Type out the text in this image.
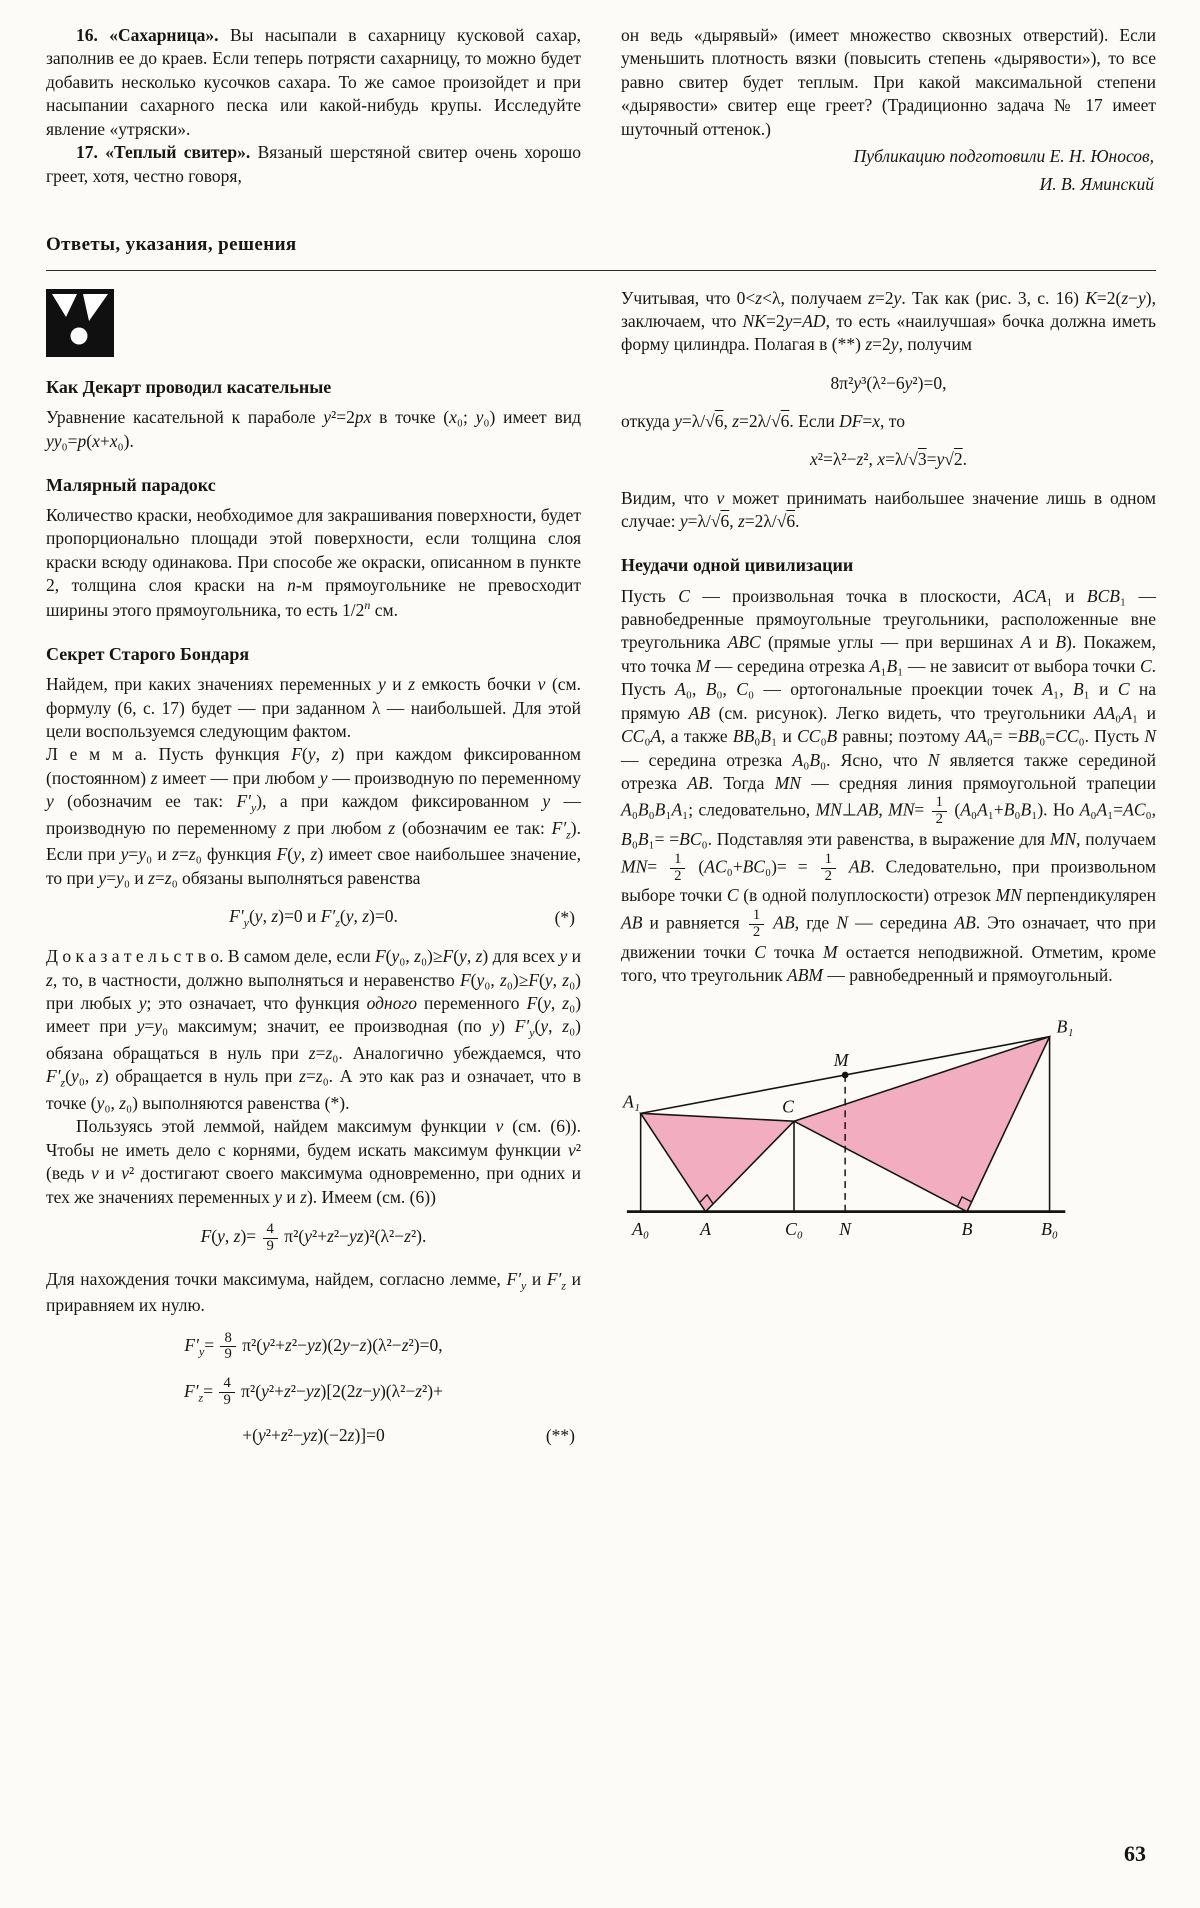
16. «Сахарница». Вы насыпали в сахарницу кусковой сахар, заполнив ее до краев. Если теперь потрясти сахарницу, то можно будет добавить несколько кусочков сахара. То же самое произойдет и при насыпании сахарного песка или какой-нибудь крупы. Исследуйте явление «утряски».

17. «Теплый свитер». Вязаный шерстяной свитер очень хорошо греет, хотя, честно говоря,

он ведь «дырявый» (имеет множество сквозных отверстий). Если уменьшить плотность вязки (повысить степень «дырявости»), то все равно свитер будет теплым. При какой максимальной степени «дырявости» свитер еще греет? (Традиционно задача № 17 имеет шуточный оттенок.)

Публикацию подготовили Е. Н. Юносов,

И. В. Яминский

Ответы, указания, решения
Как Декарт проводил касательные

Уравнение касательной к параболе y²=2px в точке (x₀; y₀) имеет вид yy₀=p(x+x₀).

Малярный парадокс

Количество краски, необходимое для закрашивания поверхности, будет пропорционально площади этой поверхности, если толщина слоя краски всюду одинакова. При способе же окраски, описанном в пункте 2, толщина слоя краски на n-м прямоугольнике не превосходит ширины этого прямоугольника, то есть 1/2$^n$ см.

Секрет Старого Бондаря

Найдем, при каких значениях переменных y и z емкость бочки v (см. формулу (6, с. 17) будет — при заданном λ — наибольшей. Для этой цели воспользуемся следующим фактом.

Л е м м а. Пусть функция F(y, z) при каждом фиксированном (постоянном) z имеет — при любом y — производную по переменному y (обозначим ее так: $F'_y$), а при каждом фиксированном y — производную по переменному z при любом z (обозначим ее так: $F'_z$). Если при y=y₀ и z=z₀ функция F(y, z) имеет свое наибольшее значение, то при y=y₀ и z=z₀ обязаны выполняться равенства

$F'_y(y$, z)=0 и $F'_z(y$, z)=0.	(*)

Д о к а з а т е л ь с т в о. В самом деле, если F(y₀, z₀)≥F(y, z) для всех y и z, то, в частности, должно выполняться и неравенство F(y₀, z₀)≥F(y, z₀) при любых y; это означает, что функция одного переменного F(y, z₀) имеет при y=y₀ максимум; значит, ее производная (по y) $F'_y(y$, z₀) обязана обращаться в нуль при z=z₀. Аналогично убеждаемся, что $F'_z(y_0$, z) обращается в нуль при z=z₀. А это как раз и означает, что в точке (y₀, z₀) выполняются равенства (*).

Пользуясь этой леммой, найдем максимум функции v (см. (6)). Чтобы не иметь дело с корнями, будем искать максимум функции v² (ведь v и v² достигают своего максимума одновременно, при одних и тех же значениях переменных y и z). Имеем (см. (6))

F(y, $z)= \frac{4}{9} \pi^2(y^2+z^2-yz)^2(\lambda^2-z^2)$.

Для нахождения точки максимума, найдем, согласно лемме, $F'_y$ и $F'_z$ и приравняем их нулю.

$F'_y= \frac{8}{9} \pi^2(y^2+z^2-yz)(2y-z)(\lambda^2-z^2)=0$,
$F'_z= \frac{4}{9} \pi^2(y^2+z^2-yz)[2(2z-y)(\lambda^2-z^2)+$
+(y²+z²−yz)(−2z)]=0	(**)

Учитывая, что 0<z<λ, получаем z=2y. Так как (рис. 3, с. 16) K=2(z−y), заключаем, что NK=2y=AD, то есть «наилучшая» бочка должна иметь форму цилиндра. Полагая в (**) z=2y, получим

8π²y³(λ²−6y²)=0,

откуда y=λ/√6, z=2λ/√6. Если DF=x, то

x²=λ²−z², x=λ/√3=y√2.

Видим, что v может принимать наибольшее значение лишь в одном случае: y=λ/√6, z=2λ/√6.

Неудачи одной цивилизации

Пусть C — произвольная точка в плоскости, ACA₁ и BCB₁ — равнобедренные прямоугольные треугольники, расположенные вне треугольника ABC (прямые углы — при вершинах A и B). Покажем, что точка M — середина отрезка A₁B₁ — не зависит от выбора точки C. Пусть A₀, B₀, C₀ — ортогональные проекции точек A₁, B₁ и C на прямую AB (см. рисунок). Легко видеть, что треугольники AA₀A₁ и CC₀A, а также BB₀B₁ и CC₀B равны; поэтому AA₀= =BB₀=CC₀. Пусть N — середина отрезка A₀B₀. Ясно, что N является также серединой отрезка AB. Тогда MN — средняя линия прямоугольной трапеции A₀B₀B₁A₁; следовательно, MN⊥AB, $MN= \frac{1}{2} (A_0A_1+B_0B_1)$. Но A₀A₁=AC₀, B₀B₁= =BC₀. Подставляя эти равенства, в выражение для MN, получаем $MN= \frac{1}{2} (AC_0+BC_0)= = \frac{1}{2}$ AB. Следовательно, при произвольном выборе точки C (в одной полуплоскости) отрезок MN перпендикулярен AB и равняется $\frac{1}{2}$ AB, где N — середина AB. Это означает, что при движении точки C точка M остается неподвижной. Отметим, кроме того, что треугольник ABM — равнобедренный и прямоугольный.

A₁	C
M
B₁
A₀	A	C₀ N	B	B₀
63
